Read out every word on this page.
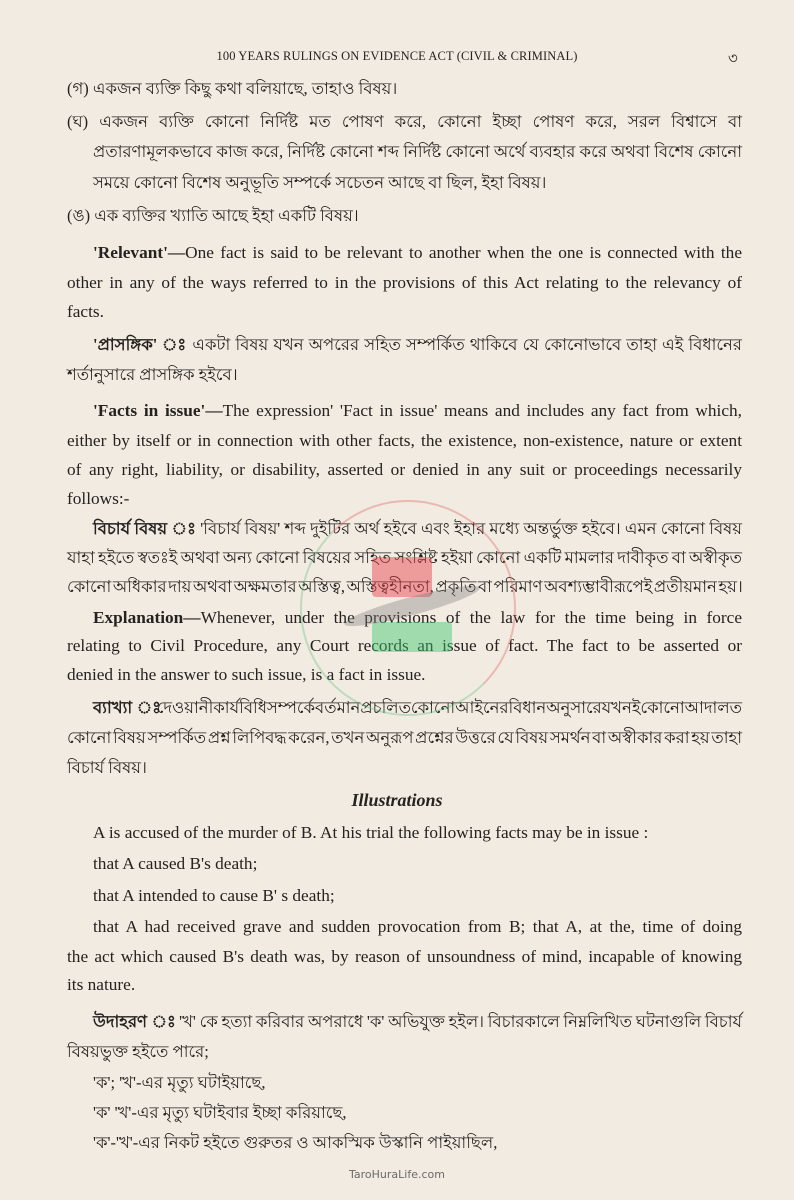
100 YEARS RULINGS ON EVIDENCE ACT (CIVIL & CRIMINAL)	৩
(গ) একজন ব্যক্তি কিছু কথা বলিয়াছে, তাহাও বিষয়।
(ঘ) একজন ব্যক্তি কোনো নির্দিষ্ট মত পোষণ করে, কোনো ইচ্ছা পোষণ করে, সরল বিশ্বাসে বা
প্রতারণামূলকভাবে কাজ করে, নির্দিষ্ট কোনো শব্দ নির্দিষ্ট কোনো অর্থে ব্যবহার করে অথবা বিশেষ কোনো
সময়ে কোনো বিশেষ অনুভূতি সম্পর্কে সচেতন আছে বা ছিল, ইহা বিষয়।
(ঙ) এক ব্যক্তির খ্যাতি আছে ইহা একটি বিষয়।
'Relevant'—One fact is said to be relevant to another when the one is connected with the
other in any of the ways referred to in the provisions of this Act relating to the relevancy of
facts.
'প্রাসঙ্গিক' ঃ একটা বিষয় যখন অপরের সহিত সম্পর্কিত থাকিবে যে কোনোভাবে তাহা এই বিধানের
শর্তানুসারে প্রাসঙ্গিক হইবে।
'Facts in issue'—The expression' 'Fact in issue' means and includes any fact from which,
either by itself or in connection with other facts, the existence, non-existence, nature or extent
of any right, liability, or disability, asserted or denied in any suit or proceedings necessarily
follows:-
বিচার্য বিষয় ঃ 'বিচার্য বিষয়' শব্দ দুইটির অর্থ হইবে এবং ইহার মধ্যে অন্তর্ভুক্ত হইবে। এমন কোনো বিষয়
যাহা হইতে স্বতঃই অথবা অন্য কোনো বিষয়ের সহিত সংশ্লিষ্ট হইয়া কোনো একটি মামলার দাবীকৃত বা অস্বীকৃত
কোনো অধিকার দায় অথবা অক্ষমতার অস্তিত্ব, অস্তিত্বহীনতা, প্রকৃতি বা পরিমাণ অবশ্যম্ভাবীরূপেই প্রতীয়মান হয়।
Explanation—Whenever, under the provisions of the law for the time being in force
relating to Civil Procedure, any Court records an issue of fact. The fact to be asserted or
denied in the answer to such issue, is a fact in issue.
ব্যাখ্যা ঃ দেওয়ানী কার্যবিধি সম্পর্কে বর্তমান প্রচলিত কোনো আইনের বিধান অনুসারে যখনই কোনো আদালত
কোনো বিষয় সম্পর্কিত প্রশ্ন লিপিবদ্ধ করেন, তখন অনুরূপ প্রশ্নের উত্তরে যে বিষয় সমর্থন বা অস্বীকার করা হয় তাহা
বিচার্য বিষয়।
A is accused of the murder of B. At his trial the following facts may be in issue :
that A caused B's death;
that A intended to cause B' s death;
that A had received grave and sudden provocation from B; that A, at the, time of doing
the act which caused B's death was, by reason of unsoundness of mind, incapable of knowing
its nature.
উদাহরণ ঃ 'খ' কে হত্যা করিবার অপরাধে 'ক' অভিযুক্ত হইল। বিচারকালে নিম্নলিখিত ঘটনাগুলি বিচার্য
বিষয়ভুক্ত হইতে পারে;
'ক'; 'খ'-এর মৃত্যু ঘটাইয়াছে,
'ক' 'খ'-এর মৃত্যু ঘটাইবার ইচ্ছা করিয়াছে,
'ক'-'খ'-এর নিকট হইতে গুরুতর ও আকস্মিক উস্কানি পাইয়াছিল,
Illustrations
TaroHuraLife.com
